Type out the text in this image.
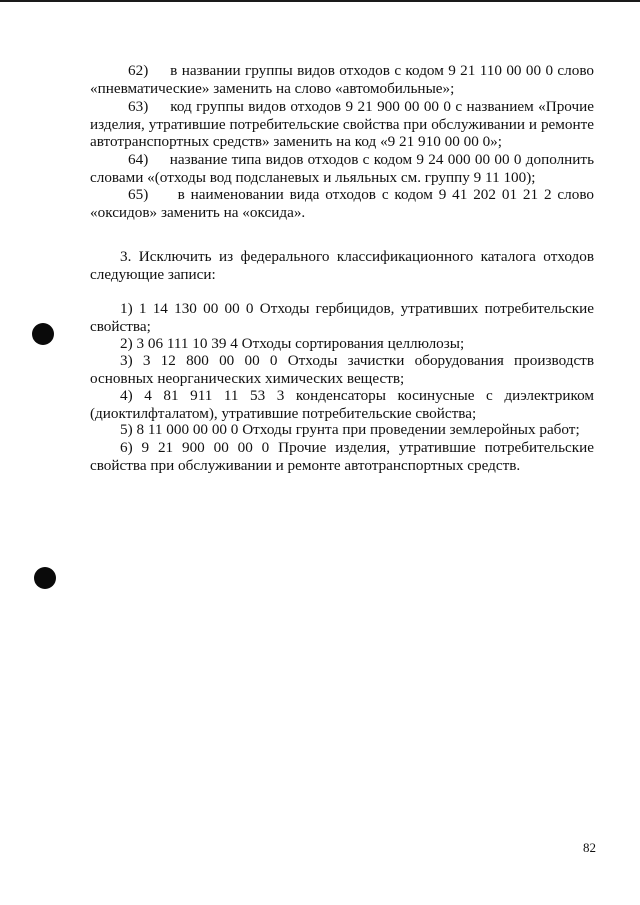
62) в названии группы видов отходов с кодом 9 21 110 00 00 0 слово «пневматические» заменить на слово «автомобильные»;

63) код группы видов отходов 9 21 900 00 00 0 с названием «Прочие изделия, утратившие потребительские свойства при обслуживании и ремонте автотранспортных средств» заменить на код «9 21 910 00 00 0»;

64) название типа видов отходов с кодом 9 24 000 00 00 0 дополнить словами «(отходы вод подсланевых и льяльных см. группу 9 11 100);

65) в наименовании вида отходов с кодом 9 41 202 01 21 2 слово «оксидов» заменить на «оксида».

3. Исключить из федерального классификационного каталога отходов следующие записи:

1) 1 14 130 00 00 0 Отходы гербицидов, утративших потребительские свойства;

2) 3 06 111 10 39 4 Отходы сортирования целлюлозы;

3) 3 12 800 00 00 0 Отходы зачистки оборудования производств основных неорганических химических веществ;

4) 4 81 911 11 53 3 конденсаторы косинусные с диэлектриком (диоктилфталатом), утратившие потребительские свойства;

5) 8 11 000 00 00 0 Отходы грунта при проведении землеройных работ;

6) 9 21 900 00 00 0 Прочие изделия, утратившие потребительские свойства при обслуживании и ремонте автотранспортных средств.

82
